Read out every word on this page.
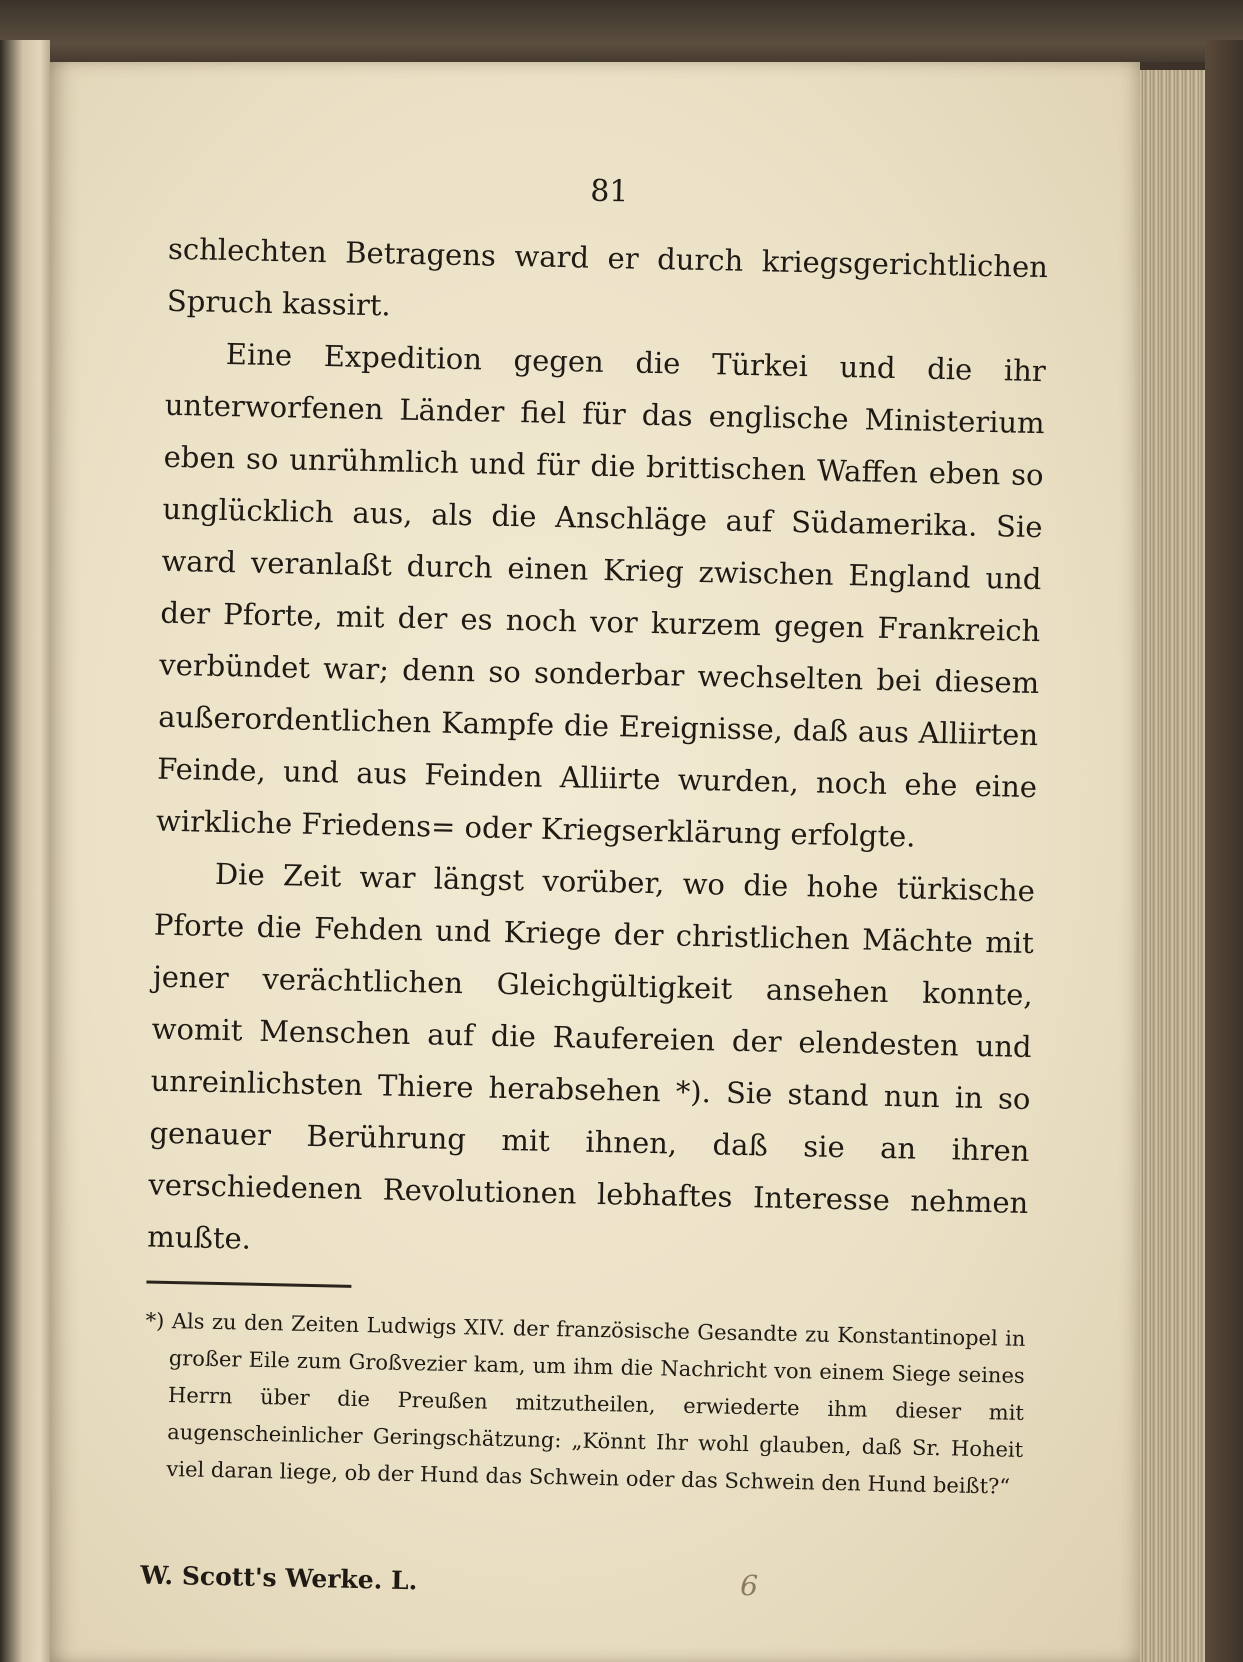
81

schlechten Betragens ward er durch kriegsgerichtlichen Spruch kassirt.

Eine Expedition gegen die Türkei und die ihr unterworfenen Länder fiel für das englische Ministerium eben so unrühmlich und für die brittischen Waffen eben so unglücklich aus, als die Anschläge auf Südamerika. Sie ward veranlaßt durch einen Krieg zwischen England und der Pforte, mit der es noch vor kurzem gegen Frankreich verbündet war; denn so sonderbar wechselten bei diesem außerordentlichen Kampfe die Ereignisse, daß aus Alliirten Feinde, und aus Feinden Alliirte wurden, noch ehe eine wirkliche Friedens= oder Kriegserklärung erfolgte.

Die Zeit war längst vorüber, wo die hohe türkische Pforte die Fehden und Kriege der christlichen Mächte mit jener verächtlichen Gleichgültigkeit ansehen konnte, womit Menschen auf die Raufereien der elendesten und unreinlichsten Thiere herabsehen *). Sie stand nun in so genauer Berührung mit ihnen, daß sie an ihren verschiedenen Revolutionen lebhaftes Interesse nehmen mußte.

*) Als zu den Zeiten Ludwigs XIV. der französische Gesandte zu Konstantinopel in großer Eile zum Großvezier kam, um ihm die Nachricht von einem Siege seines Herrn über die Preußen mitzutheilen, erwiederte ihm dieser mit augenscheinlicher Geringschätzung: „Könnt Ihr wohl glauben, daß Sr. Hoheit viel daran liege, ob der Hund das Schwein oder das Schwein den Hund beißt?“
W. Scott's Werke. L.	6
